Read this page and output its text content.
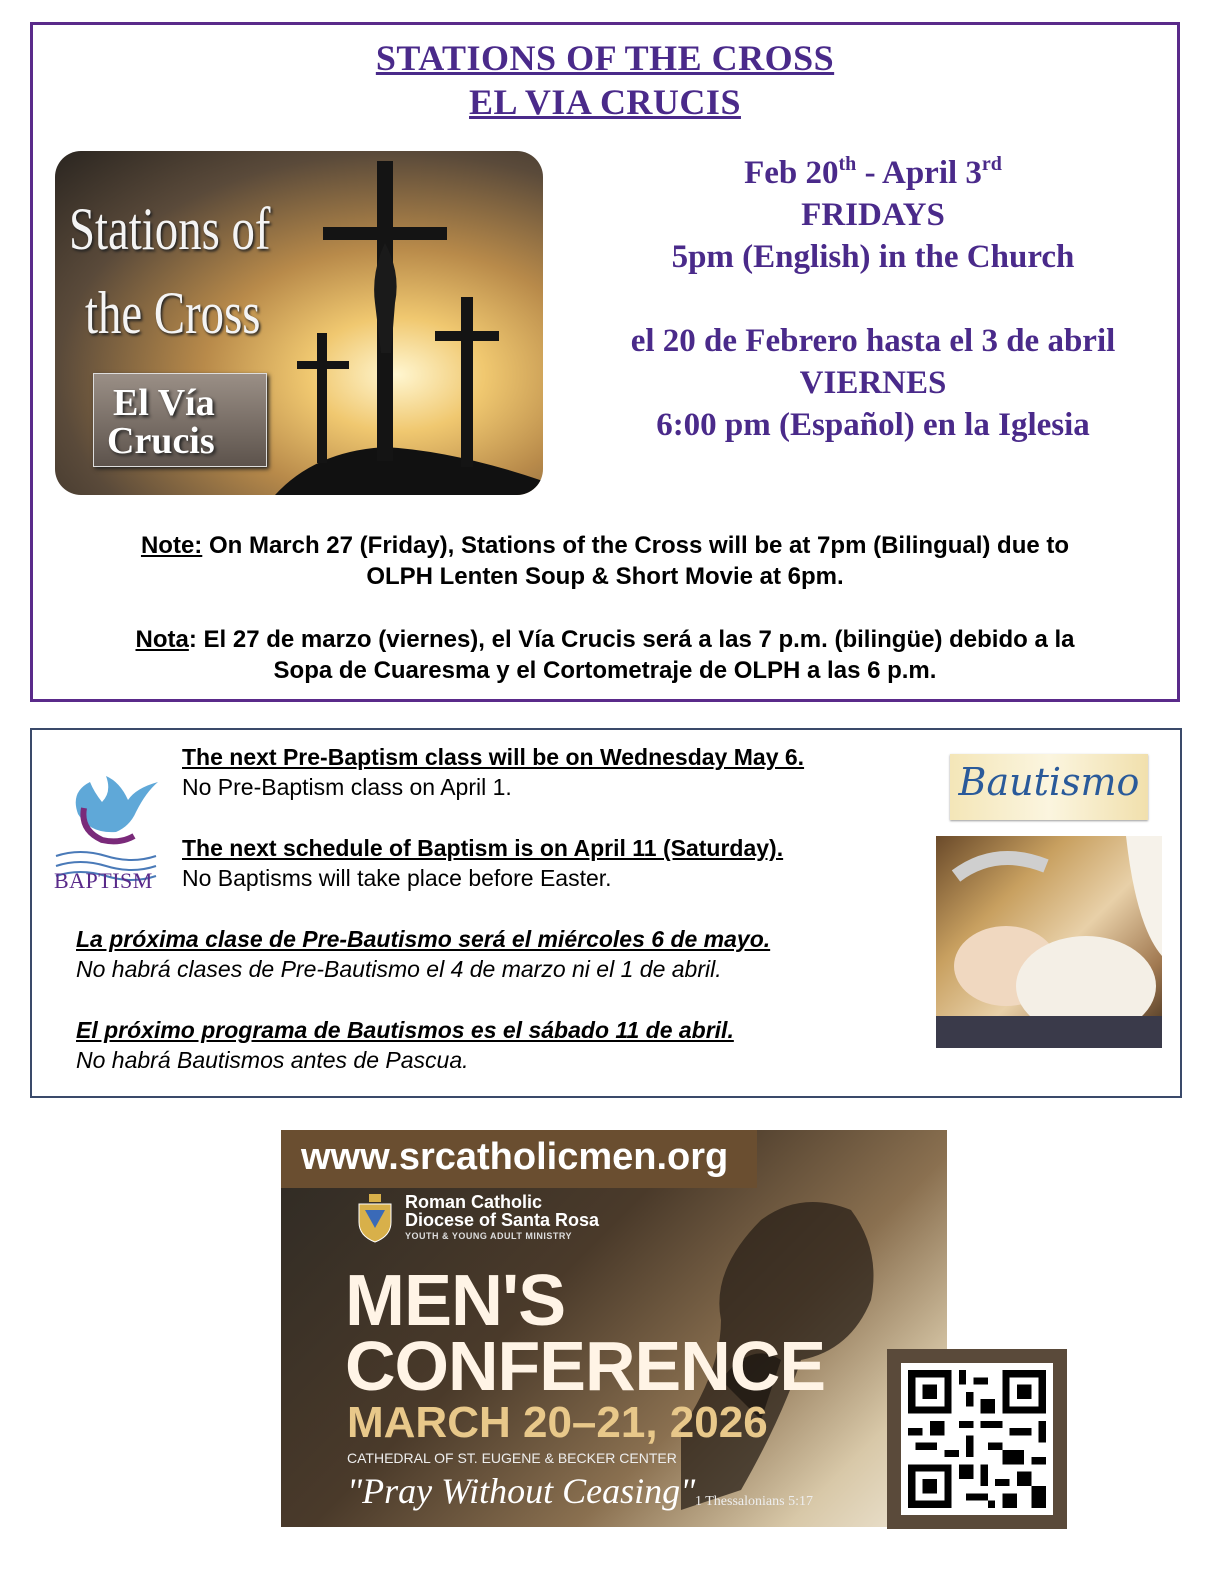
STATIONS OF THE CROSS
EL VIA CRUCIS
Stations of
the Cross
El Vía
Crucis
Feb 20th - April 3rd
FRIDAYS
5pm (English) in the Church
el 20 de Febrero hasta el 3 de abril
VIERNES
6:00 pm (Español) en la Iglesia
Note: On March 27 (Friday), Stations of the Cross will be at 7pm (Bilingual) due to
OLPH Lenten Soup & Short Movie at 6pm.
Nota: El 27 de marzo (viernes), el Vía Crucis será a las 7 p.m. (bilingüe) debido a la
Sopa de Cuaresma y el Cortometraje de OLPH a las 6 p.m.
BAPTISM
The next Pre-Baptism class will be on Wednesday May 6.
No Pre-Baptism class on April 1.
The next schedule of Baptism is on April 11 (Saturday).
No Baptisms will take place before Easter.
La próxima clase de Pre-Bautismo será el miércoles 6 de mayo.
No habrá clases de Pre-Bautismo el 4 de marzo ni el 1 de abril.
El próximo programa de Bautismos es el sábado 11 de abril.
No habrá Bautismos antes de Pascua.
Bautismo
www.srcatholicmen.org
Roman Catholic
Diocese of Santa Rosa
YOUTH & YOUNG ADULT MINISTRY
MEN'S
CONFERENCE
MARCH 20–21, 2026
CATHEDRAL OF ST. EUGENE & BECKER CENTER
"Pray Without Ceasing" 1 Thessalonians 5:17
